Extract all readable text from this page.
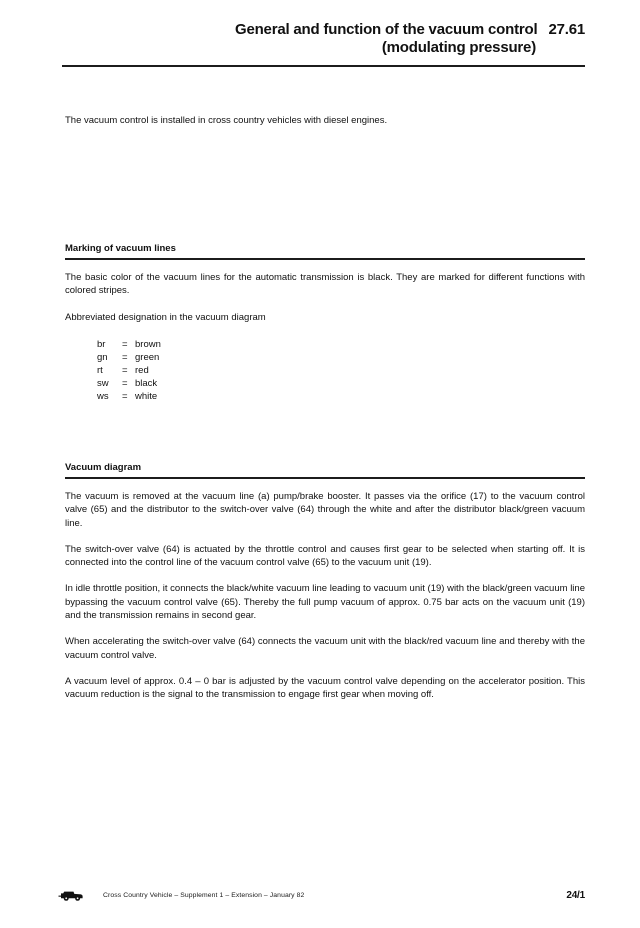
General and function of the vacuum control 27.61
(modulating pressure)

The vacuum control is installed in cross country vehicles with diesel engines.

Marking of vacuum lines

The basic color of the vacuum lines for the automatic transmission is black. They are marked for different functions with colored stripes.

Abbreviated designation in the vacuum diagram

br	=	brown
gn	=	green
rt	=	red
sw	=	black
ws	=	white
Vacuum diagram

The vacuum is removed at the vacuum line (a) pump/brake booster. It passes via the orifice (17) to the vacuum control valve (65) and the distributor to the switch-over valve (64) through the white and after the distributor black/green vacuum line.

The switch-over valve (64) is actuated by the throttle control and causes first gear to be selected when starting off. It is connected into the control line of the vacuum control valve (65) to the vacuum unit (19).

In idle throttle position, it connects the black/white vacuum line leading to vacuum unit (19) with the black/green vacuum line bypassing the vacuum control valve (65). Thereby the full pump vacuum of approx. 0.75 bar acts on the vacuum unit (19) and the transmission remains in second gear.

When accelerating the switch-over valve (64) connects the vacuum unit with the black/red vacuum line and thereby with the vacuum control valve.

A vacuum level of approx. 0.4 – 0 bar is adjusted by the vacuum control valve depending on the accelerator position. This vacuum reduction is the signal to the transmission to engage first gear when moving off.

Cross Country Vehicle – Supplement 1 – Extension – January 82	24/1
